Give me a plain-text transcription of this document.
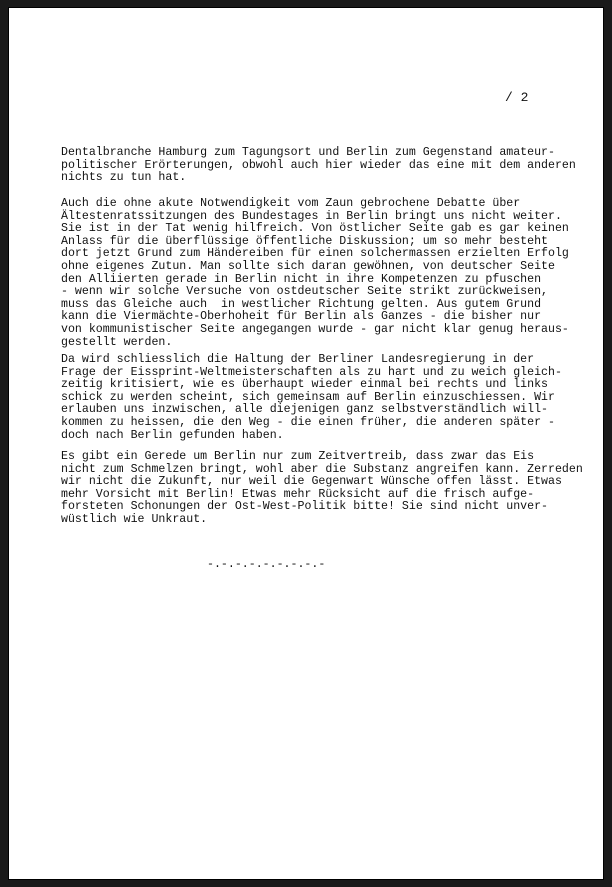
/ 2

Dentalbranche Hamburg zum Tagungsort und Berlin zum Gegenstand amateur-
politischer Erörterungen, obwohl auch hier wieder das eine mit dem anderen
nichts zu tun hat.

Auch die ohne akute Notwendigkeit vom Zaun gebrochene Debatte über
Ältestenratssitzungen des Bundestages in Berlin bringt uns nicht weiter.
Sie ist in der Tat wenig hilfreich. Von östlicher Seite gab es gar keinen
Anlass für die überflüssige öffentliche Diskussion; um so mehr besteht
dort jetzt Grund zum Händereiben für einen solchermassen erzielten Erfolg
ohne eigenes Zutun. Man sollte sich daran gewöhnen, von deutscher Seite
den Alliierten gerade in Berlin nicht in ihre Kompetenzen zu pfuschen
- wenn wir solche Versuche von ostdeutscher Seite strikt zurückweisen,
muss das Gleiche auch  in westlicher Richtung gelten. Aus gutem Grund
kann die Viermächte-Oberhoheit für Berlin als Ganzes - die bisher nur
von kommunistischer Seite angegangen wurde - gar nicht klar genug heraus-
gestellt werden.

Da wird schliesslich die Haltung der Berliner Landesregierung in der
Frage der Eissprint-Weltmeisterschaften als zu hart und zu weich gleich-
zeitig kritisiert, wie es überhaupt wieder einmal bei rechts und links
schick zu werden scheint, sich gemeinsam auf Berlin einzuschiessen. Wir
erlauben uns inzwischen, alle diejenigen ganz selbstverständlich will-
kommen zu heissen, die den Weg - die einen früher, die anderen später -
doch nach Berlin gefunden haben.

Es gibt ein Gerede um Berlin nur zum Zeitvertreib, dass zwar das Eis
nicht zum Schmelzen bringt, wohl aber die Substanz angreifen kann. Zerreden
wir nicht die Zukunft, nur weil die Gegenwart Wünsche offen lässt. Etwas
mehr Vorsicht mit Berlin! Etwas mehr Rücksicht auf die frisch aufge-
forsteten Schonungen der Ost-West-Politik bitte! Sie sind nicht unver-
wüstlich wie Unkraut.

-.-.-.-.-.-.-.-.-
